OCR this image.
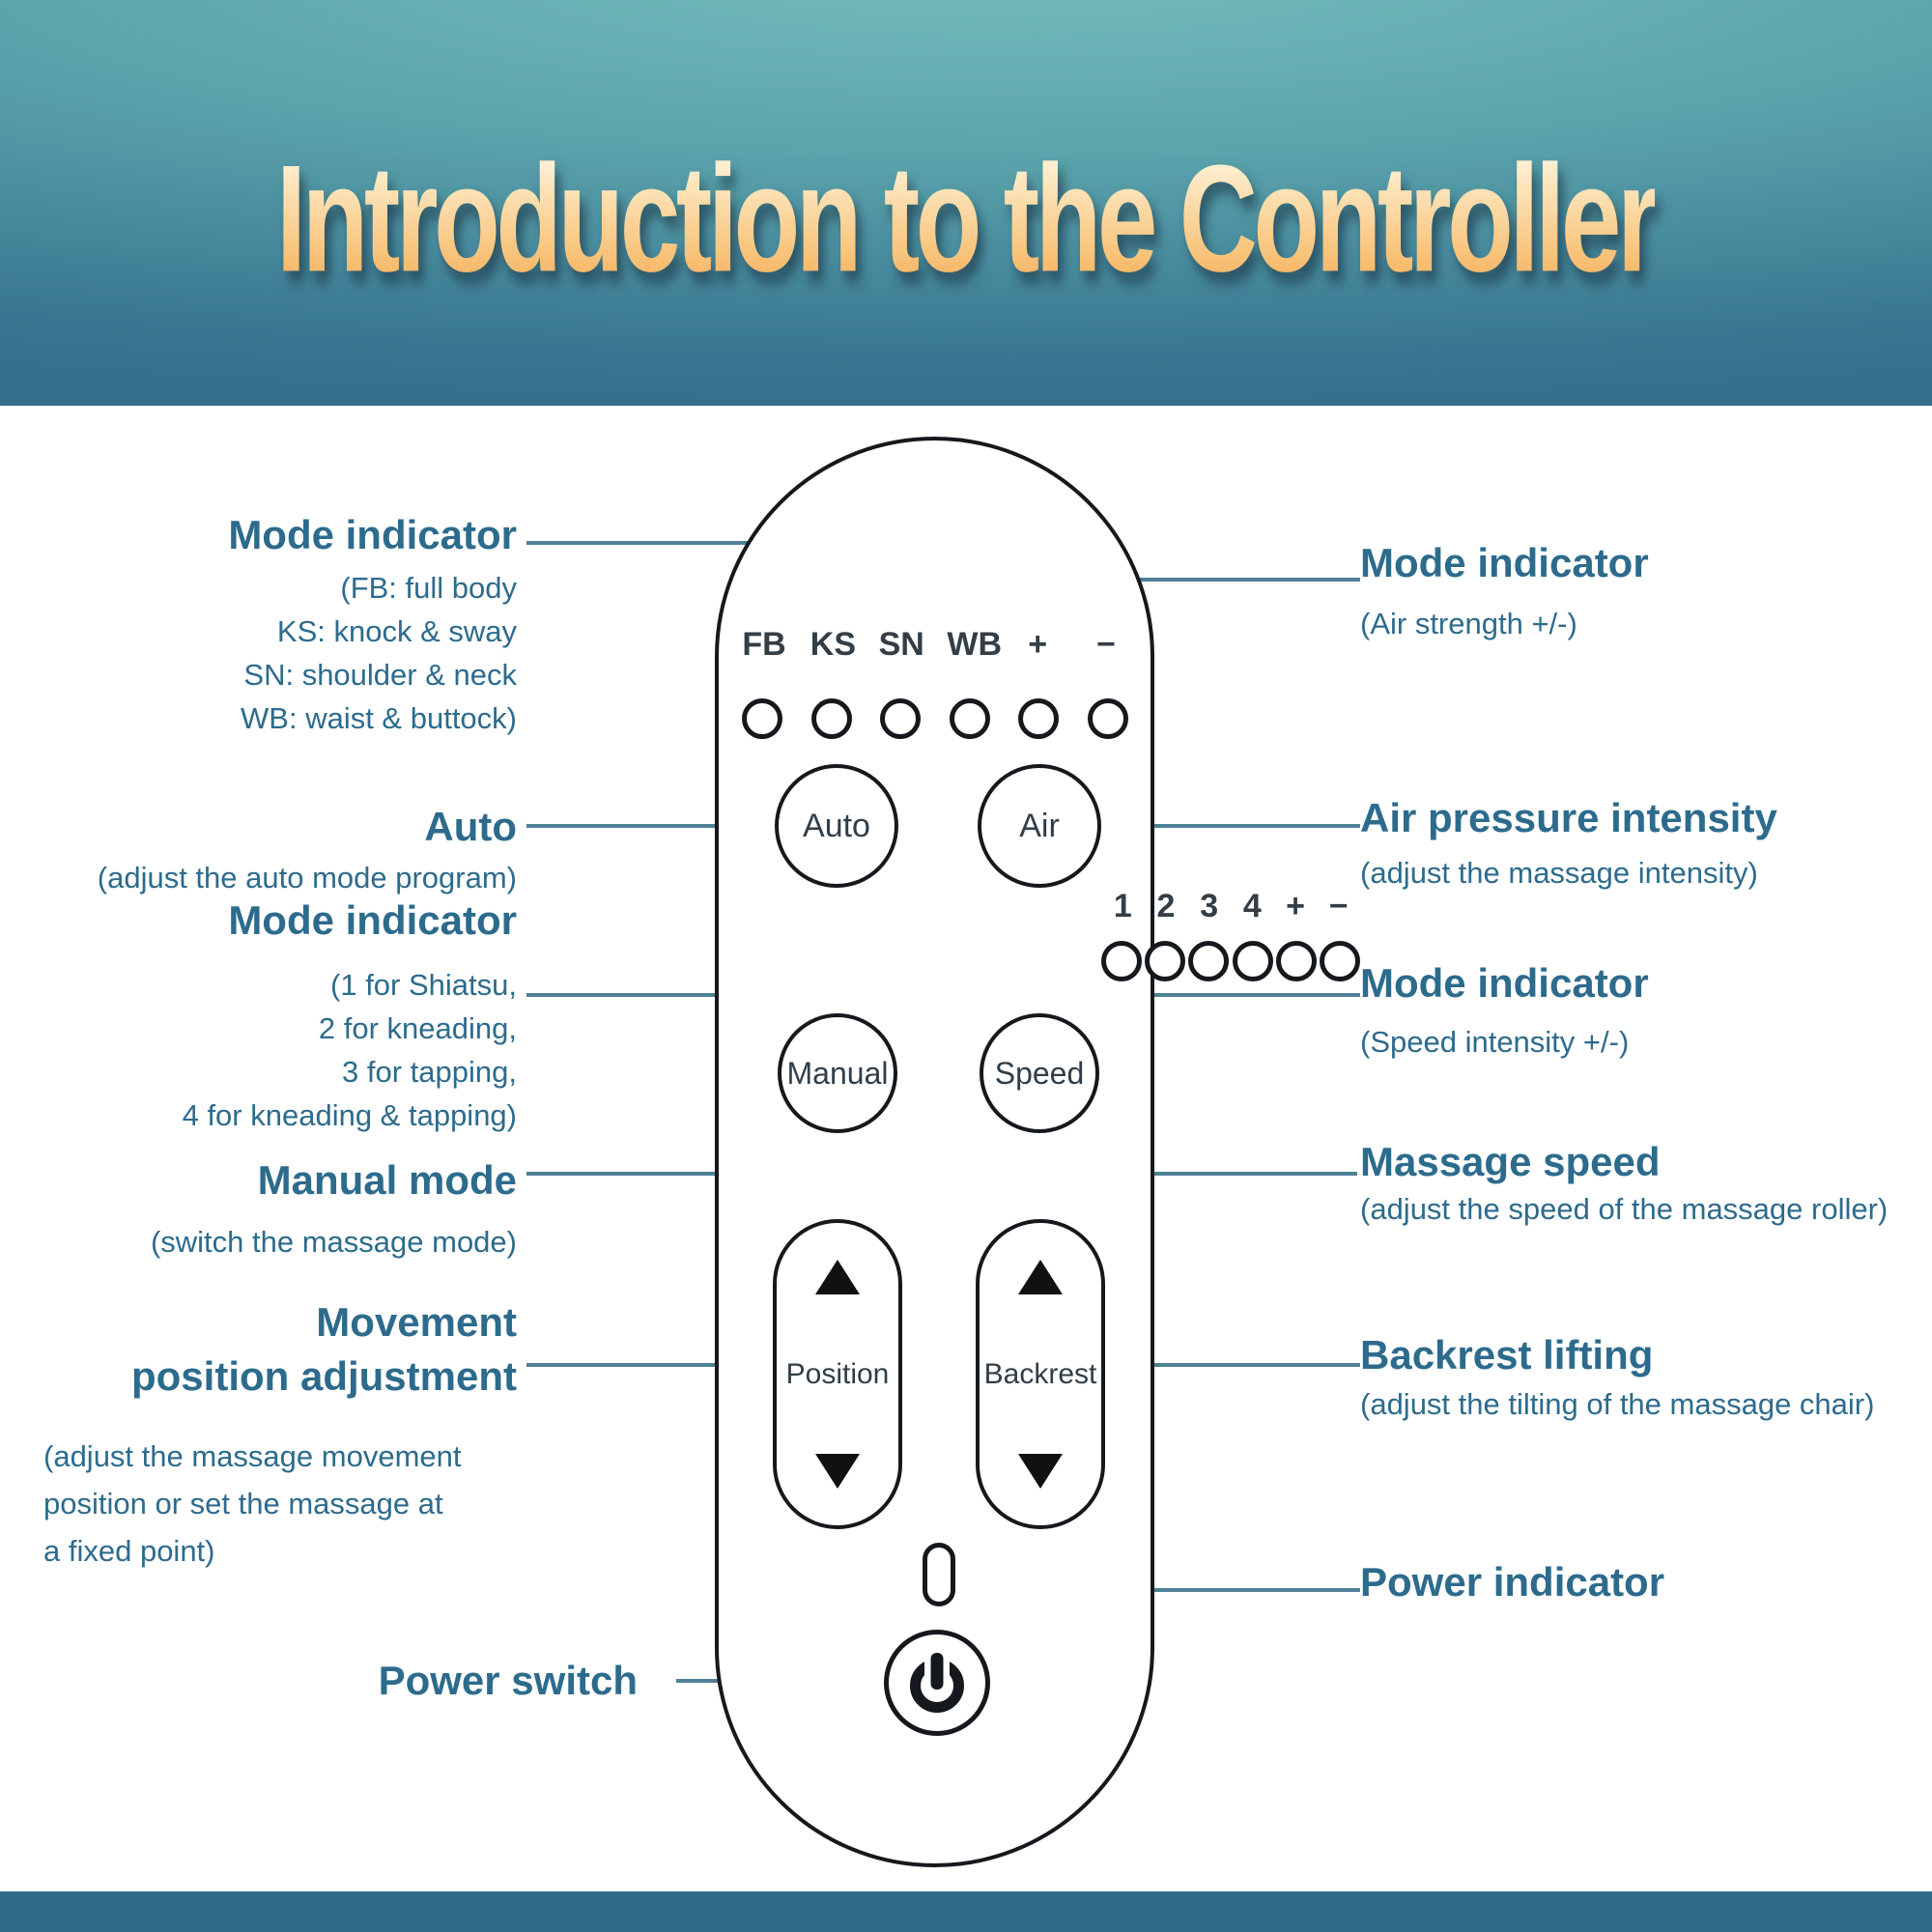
Introduction to the Controller
FB KS SN WB +	−
Auto	Air
1 2 3 4 + −
Manual	Speed
Position	Backrest
Mode indicator
(FB: full body
KS: knock & sway
SN: shoulder & neck
WB: waist & buttock)
Auto
(adjust the auto mode program)
Mode indicator
(1 for Shiatsu,
2 for kneading,
3 for tapping,
4 for kneading & tapping)
Manual mode
(switch the massage mode)
Movement
position adjustment
(adjust the massage movement
position or set the massage at
a fixed point)
Power switch
Mode indicator
(Air strength +/-)
Air pressure intensity
(adjust the massage intensity)
Mode indicator
(Speed intensity +/-)
Massage speed
(adjust the speed of the massage roller)
Backrest lifting
(adjust the tilting of the massage chair)
Power indicator
